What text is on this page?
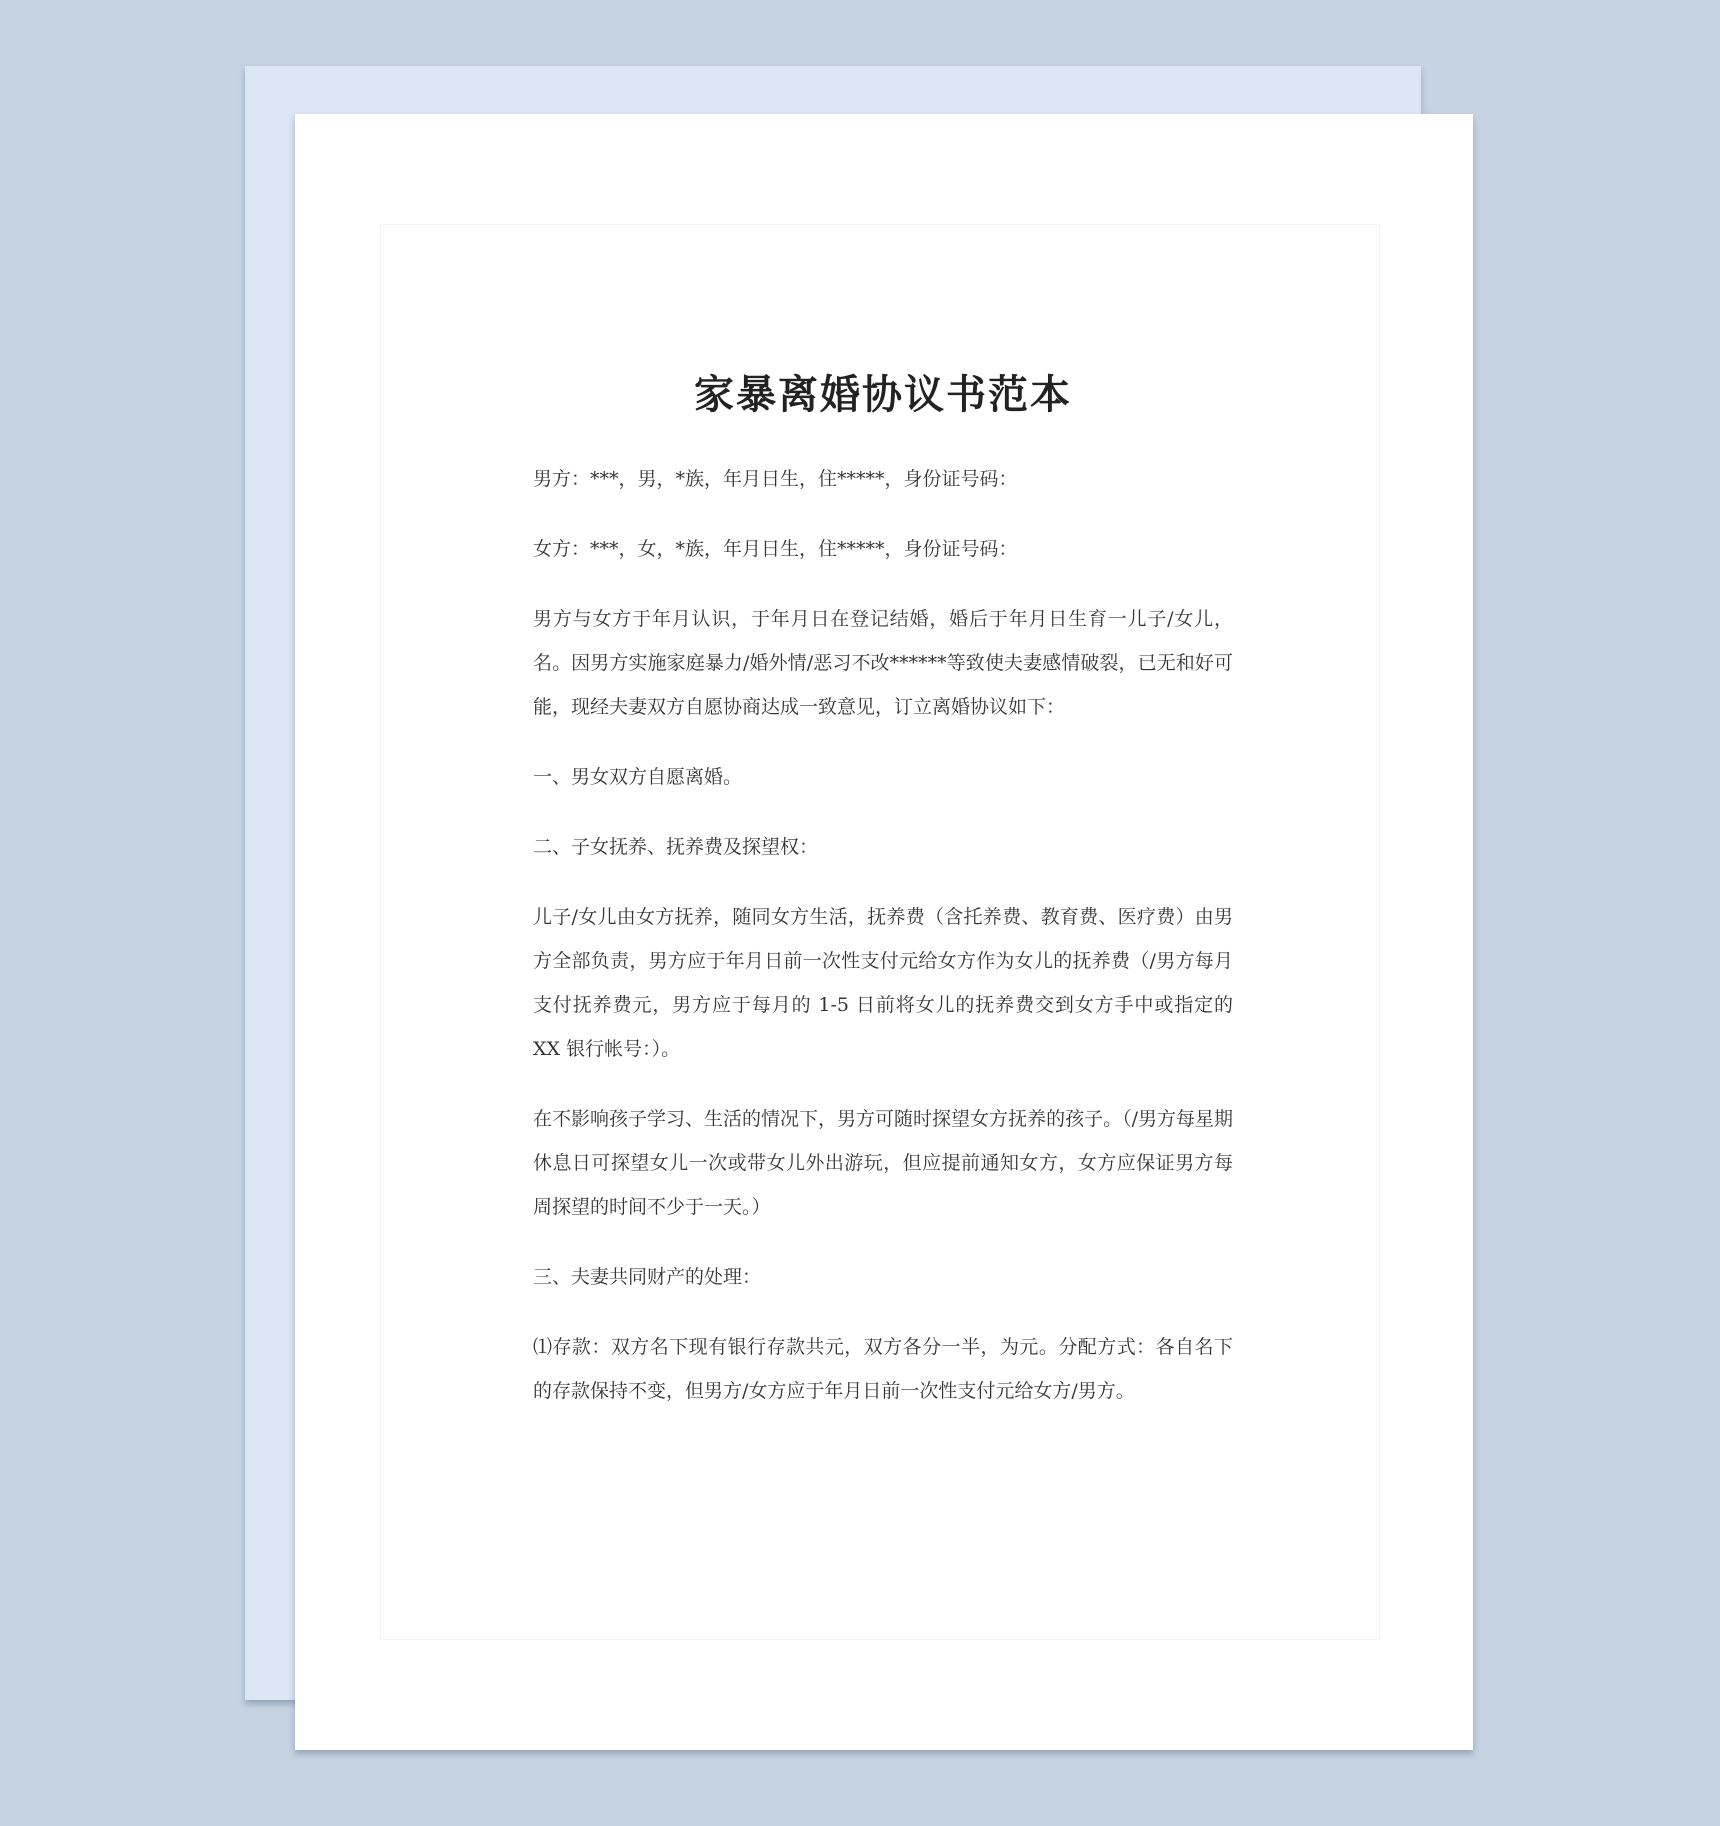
家暴离婚协议书范本

男方：***，男，*族，年月日生，住*****，身份证号码：

女方：***，女，*族，年月日生，住*****，身份证号码：

男方与女方于年月认识，于年月日在登记结婚，婚后于年月日生育一儿子/女儿，名。因男方实施家庭暴力/婚外情/恶习不改******等致使夫妻感情破裂，已无和好可能，现经夫妻双方自愿协商达成一致意见，订立离婚协议如下：

一、男女双方自愿离婚。

二、子女抚养、抚养费及探望权：

儿子/女儿由女方抚养，随同女方生活，抚养费（含托养费、教育费、医疗费）由男方全部负责，男方应于年月日前一次性支付元给女方作为女儿的抚养费（/男方每月支付抚养费元，男方应于每月的 1-5 日前将女儿的抚养费交到女方手中或指定的 XX 银行帐号：）。

在不影响孩子学习、生活的情况下，男方可随时探望女方抚养的孩子。（/男方每星期休息日可探望女儿一次或带女儿外出游玩，但应提前通知女方，女方应保证男方每周探望的时间不少于一天。）

三、夫妻共同财产的处理：

⑴存款：双方名下现有银行存款共元，双方各分一半，为元。分配方式：各自名下的存款保持不变，但男方/女方应于年月日前一次性支付元给女方/男方。
